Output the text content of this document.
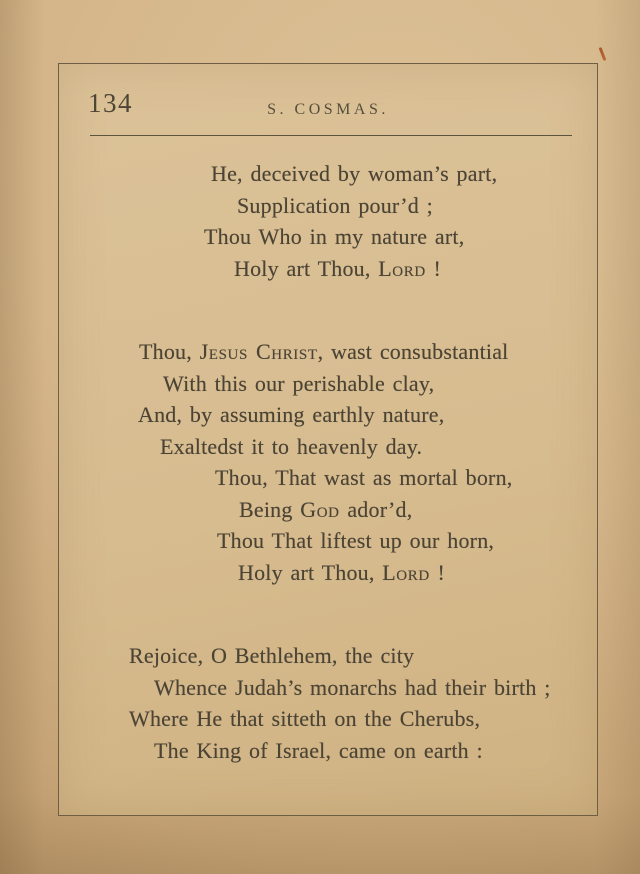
134	S. COSMAS.
He, deceived by woman’s part,
Supplication pour’d ;
Thou Who in my nature art,
Holy art Thou, Lord !
Thou, Jesus Christ, wast consubstantial
With this our perishable clay,
And, by assuming earthly nature,
Exaltedst it to heavenly day.
Thou, That wast as mortal born,
Being God ador’d,
Thou That liftest up our horn,
Holy art Thou, Lord !
Rejoice, O Bethlehem, the city
Whence Judah’s monarchs had their birth ;
Where He that sitteth on the Cherubs,
The King of Israel, came on earth :
